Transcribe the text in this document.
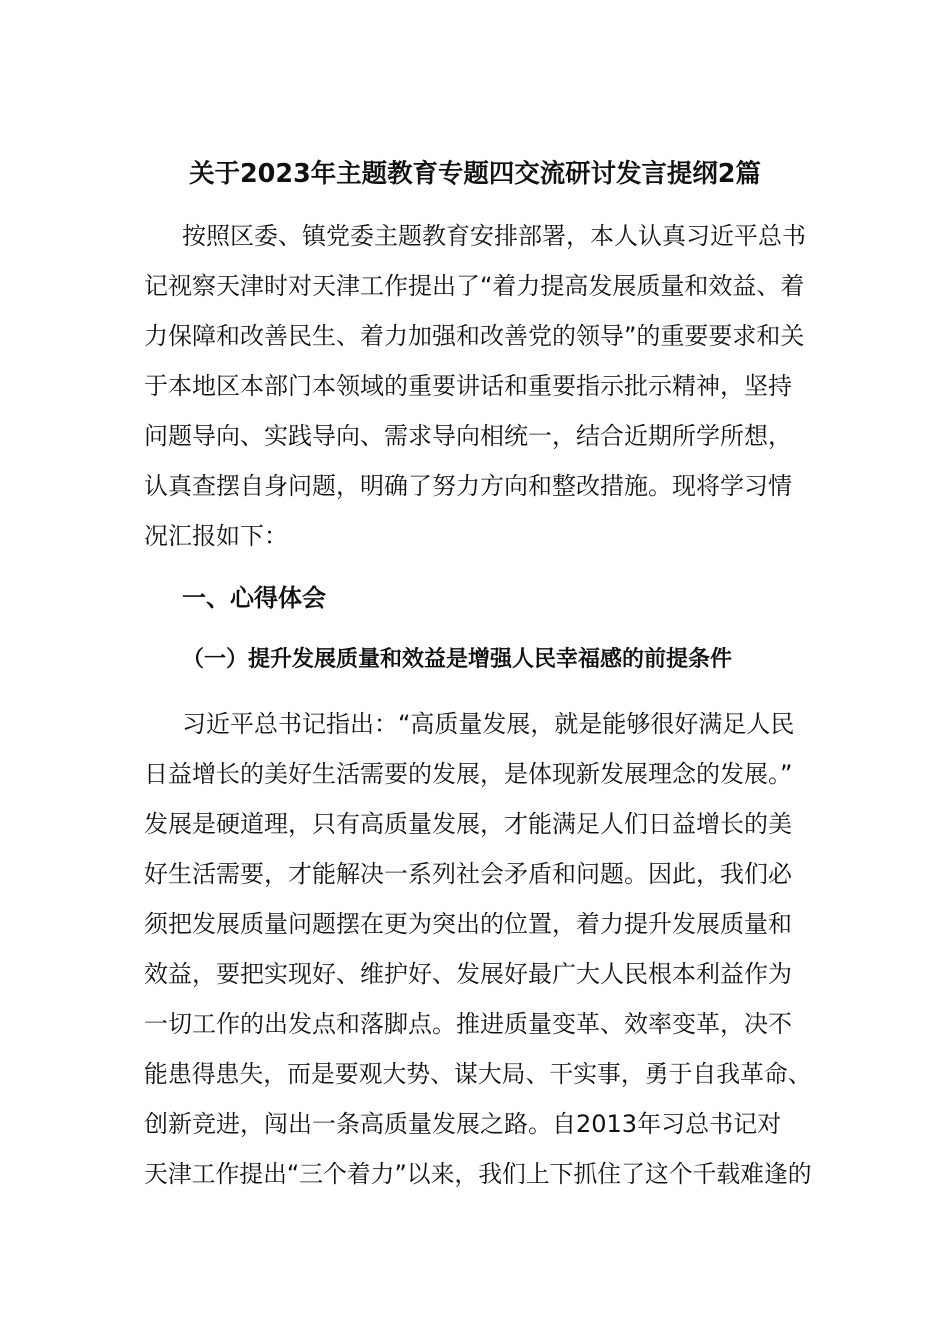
关于2023年主题教育专题四交流研讨发言提纲2篇
按照区委、镇党委主题教育安排部署，本人认真习近平总书
记视察天津时对天津工作提出了“着力提高发展质量和效益、着
力保障和改善民生、着力加强和改善党的领导”的重要要求和关
于本地区本部门本领域的重要讲话和重要指示批示精神，坚持
问题导向、实践导向、需求导向相统一，结合近期所学所想，
认真查摆自身问题，明确了努力方向和整改措施。现将学习情
况汇报如下：
一、心得体会
（一）提升发展质量和效益是增强人民幸福感的前提条件
习近平总书记指出：“高质量发展，就是能够很好满足人民
日益增长的美好生活需要的发展，是体现新发展理念的发展。”
发展是硬道理，只有高质量发展，才能满足人们日益增长的美
好生活需要，才能解决一系列社会矛盾和问题。因此，我们必
须把发展质量问题摆在更为突出的位置，着力提升发展质量和
效益，要把实现好、维护好、发展好最广大人民根本利益作为
一切工作的出发点和落脚点。推进质量变革、效率变革，决不
能患得患失，而是要观大势、谋大局、干实事，勇于自我革命、
创新竞进，闯出一条高质量发展之路。自2013年习总书记对
天津工作提出“三个着力”以来，我们上下抓住了这个千载难逢的
